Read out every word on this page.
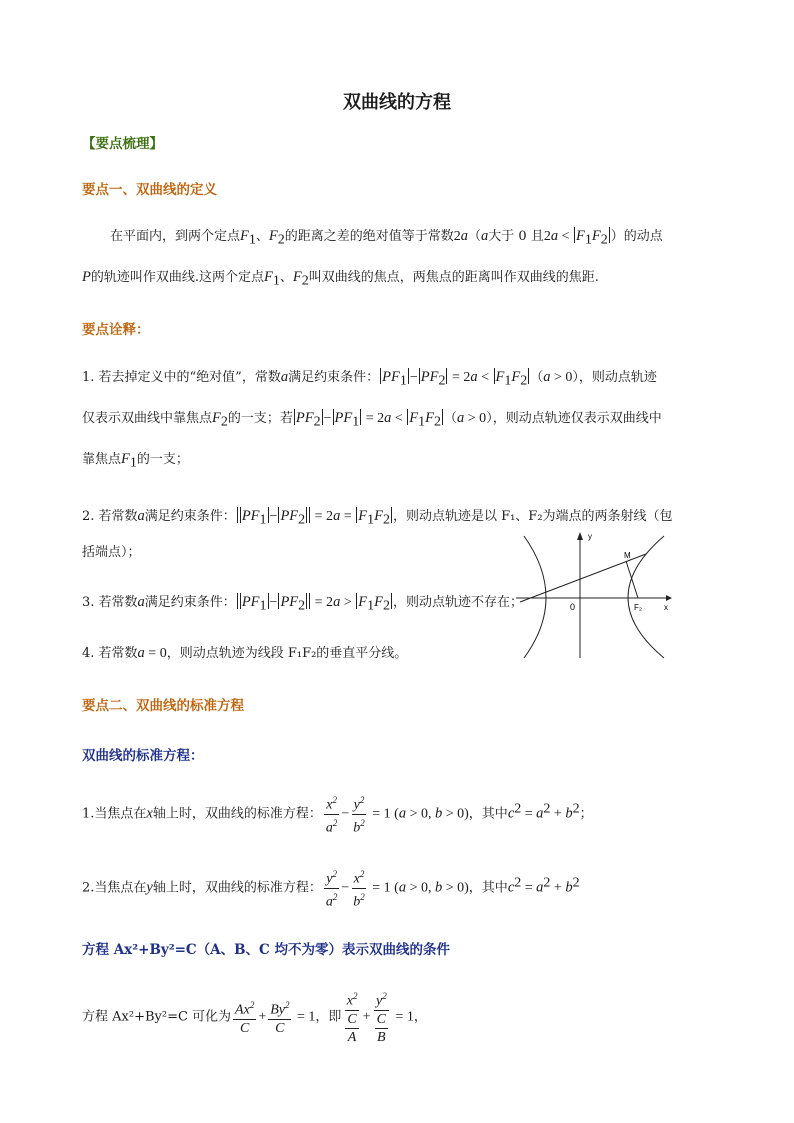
双曲线的方程
【要点梳理】
要点一、双曲线的定义
在平面内，到两个定点$F_1$、$F_2$的距离之差的绝对值等于常数2a（a大于 0 且$2a < F_1F_2$ ）的动点
P的轨迹叫作双曲线.这两个定点$F_1$、$F_2$叫双曲线的焦点，两焦点的距离叫作双曲线的焦距.
要点诠释：
1. 若去掉定义中的“绝对值”，常数a满足约束条件： $PF_1 - PF_2 = 2a < F_1F_2$ （a > 0），则动点轨迹
仅表示双曲线中靠焦点$F_2$的一支；若 $PF_2 - PF_1 = 2a < F_1F_2$ （a > 0），则动点轨迹仅表示双曲线中
靠焦点$F_1$的一支；
2. 若常数a满足约束条件： $PF_1 - PF_2 = 2a = F_1F_2$ ，则动点轨迹是以 F₁、F₂为端点的两条射线（包
括端点）；
3. 若常数a满足约束条件： $PF_1 - PF_2 = 2a > F_1F_2$ ，则动点轨迹不存在；
4. 若常数a = 0，则动点轨迹为线段 F₁F₂的垂直平分线。
y
x
0
M
F₂
要点二、双曲线的标准方程
双曲线的标准方程：
1.当焦点在x轴上时，双曲线的标准方程： $\frac{x^2}{a^2} - \frac{y^2}{b^2} = 1$ (a > 0, b > 0)，其中$c^2 = a^2 + b^2$；
2.当焦点在y轴上时，双曲线的标准方程： $\frac{y^2}{a^2} - \frac{x^2}{b^2} = 1$ (a > 0, b > 0)，其中$c^2 = a^2 + b^2$
方程 Ax²+By²=C（A、B、C 均不为零）表示双曲线的条件
方程 Ax²+By²=C 可化为 $\frac{Ax^2}{C} + \frac{By^2}{C} = 1$，即 $\frac{x^2}{\frac{C}{A}} + \frac{y^2}{\frac{C}{B}} = 1$，
